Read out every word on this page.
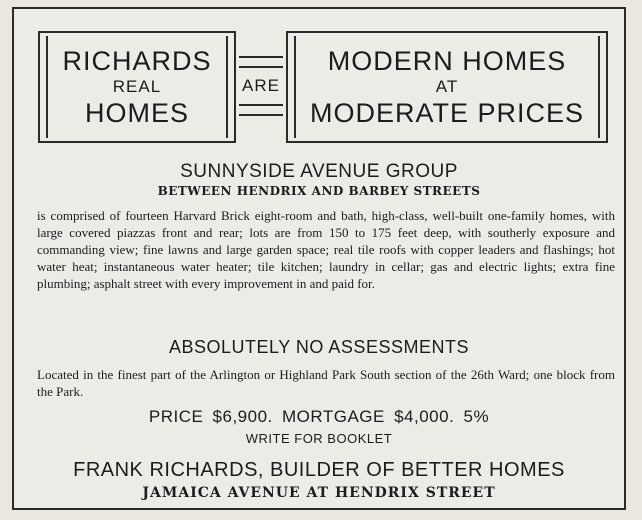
RICHARDS
REAL
HOMES
ARE
MODERN HOMES
AT
MODERATE PRICES
SUNNYSIDE AVENUE GROUP
BETWEEN HENDRIX AND BARBEY STREETS

is comprised of fourteen Harvard Brick eight-room and bath, high-class, well-built one-family homes, with large covered piazzas front and rear; lots are from 150 to 175 feet deep, with southerly exposure and commanding view; fine lawns and large garden space; real tile roofs with copper leaders and flashings; hot water heat; instantaneous water heater; tile kitchen; laundry in cellar; gas and electric lights; extra fine plumbing; asphalt street with every improvement in and paid for.

ABSOLUTELY NO ASSESSMENTS

Located in the finest part of the Arlington or Highland Park South section of the 26th Ward; one block from the Park.

PRICE $6,900. MORTGAGE $4,000. 5%
WRITE FOR BOOKLET
FRANK RICHARDS, BUILDER OF BETTER HOMES
JAMAICA AVENUE AT HENDRIX STREET
